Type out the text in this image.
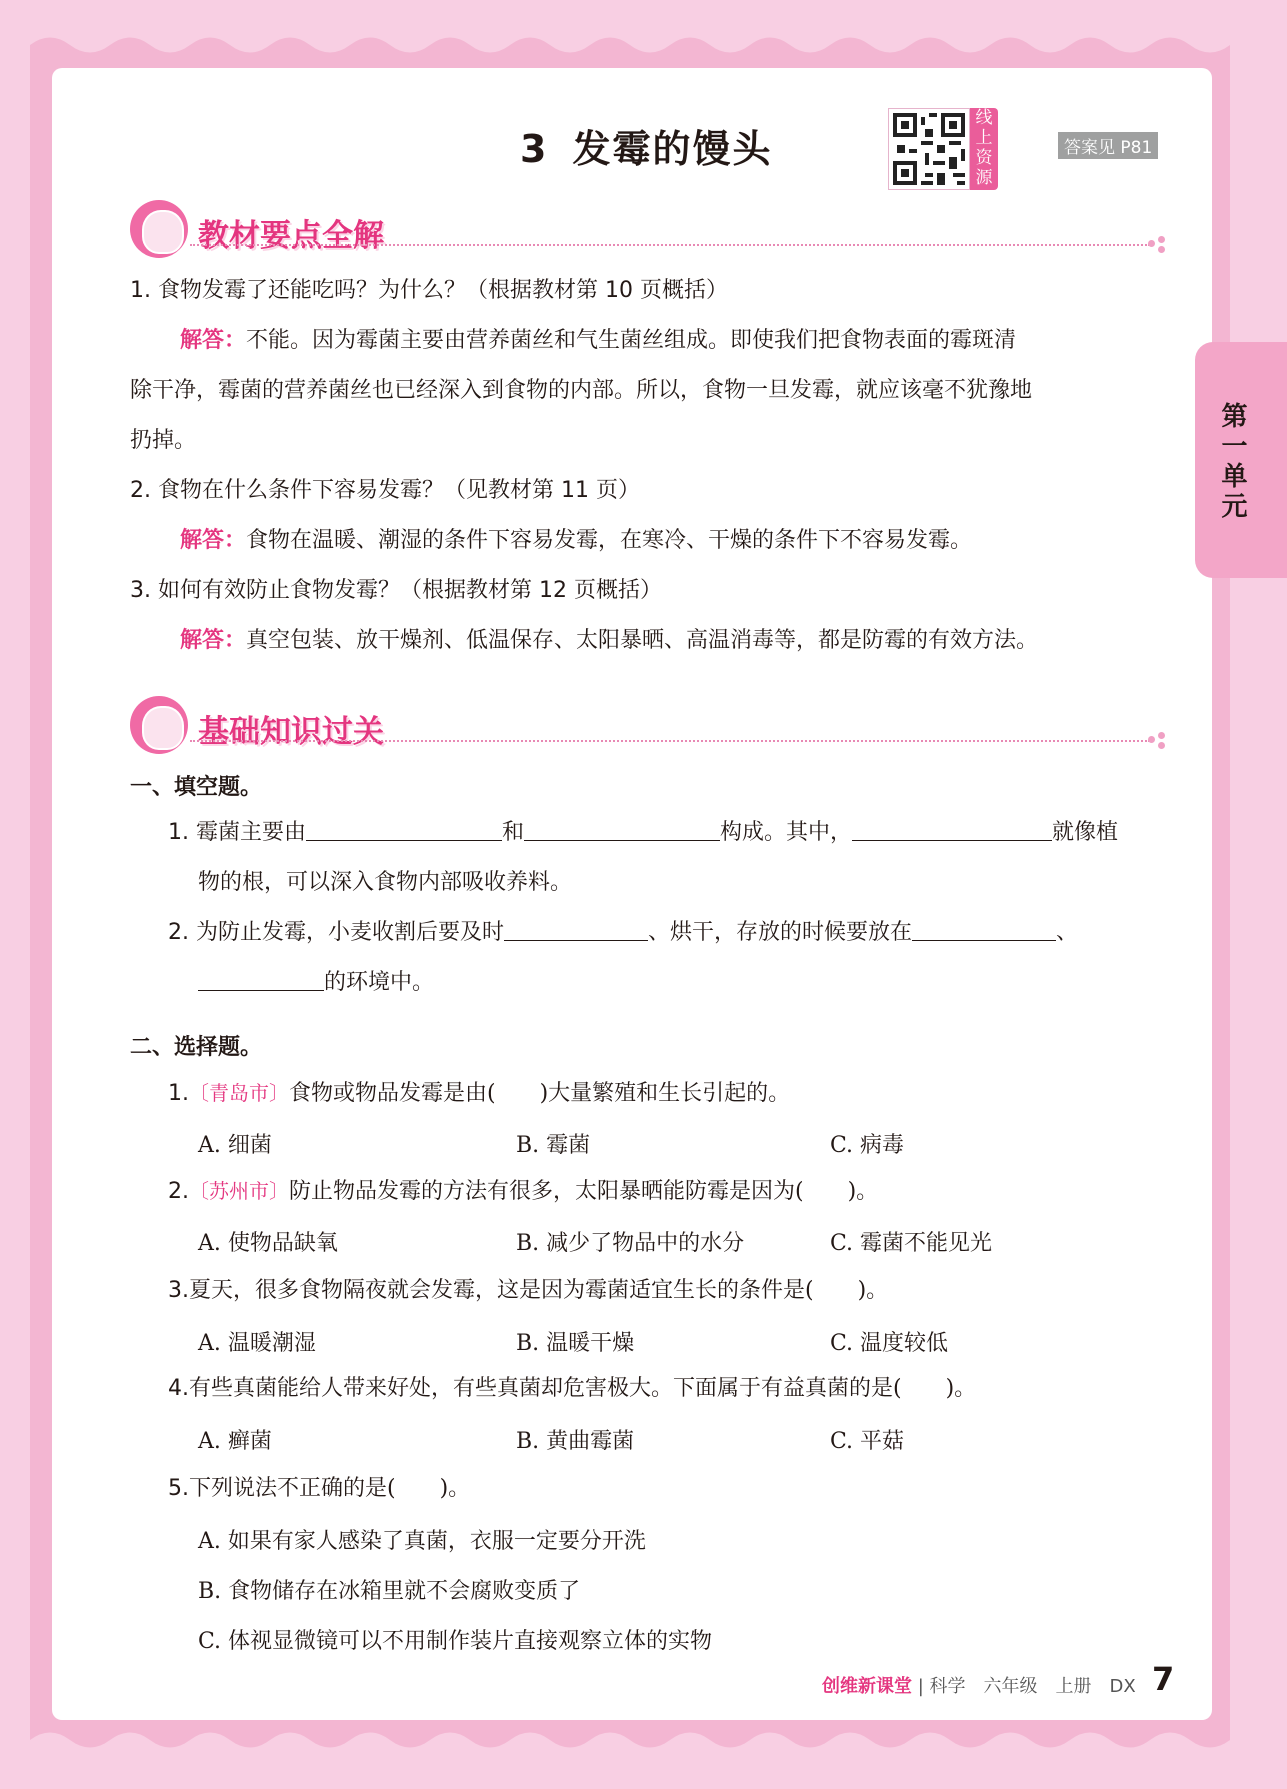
3 发霉的馒头
线上资源
答案见 P81
教材要点全解
1. 食物发霉了还能吃吗？为什么？（根据教材第 10 页概括）
解答：不能。因为霉菌主要由营养菌丝和气生菌丝组成。即使我们把食物表面的霉斑清
除干净，霉菌的营养菌丝也已经深入到食物的内部。所以，食物一旦发霉，就应该毫不犹豫地
扔掉。
2. 食物在什么条件下容易发霉？（见教材第 11 页）
解答：食物在温暖、潮湿的条件下容易发霉，在寒冷、干燥的条件下不容易发霉。
3. 如何有效防止食物发霉？（根据教材第 12 页概括）
解答：真空包装、放干燥剂、低温保存、太阳暴晒、高温消毒等，都是防霉的有效方法。
基础知识过关
一、填空题。
1. 霉菌主要由	和	构成。其中，	就像植
物的根，可以深入食物内部吸收养料。
2. 为防止发霉，小麦收割后要及时	、烘干，存放的时候要放在	、
的环境中。
二、选择题。
1.〔青岛市〕食物或物品发霉是由(　　)大量繁殖和生长引起的。
A. 细菌	B. 霉菌	C. 病毒
2.〔苏州市〕防止物品发霉的方法有很多，太阳暴晒能防霉是因为(　　)。
A. 使物品缺氧	B. 减少了物品中的水分	C. 霉菌不能见光
3.夏天，很多食物隔夜就会发霉，这是因为霉菌适宜生长的条件是(　　)。
A. 温暖潮湿	B. 温暖干燥	C. 温度较低
4.有些真菌能给人带来好处，有些真菌却危害极大。下面属于有益真菌的是(　　)。
A. 癣菌	B. 黄曲霉菌	C. 平菇
5.下列说法不正确的是(　　)。
A. 如果有家人感染了真菌，衣服一定要分开洗
B. 食物储存在冰箱里就不会腐败变质了
C. 体视显微镜可以不用制作装片直接观察立体的实物
第一单元
创维新课堂 | 科学　六年级　上册　DX 7
